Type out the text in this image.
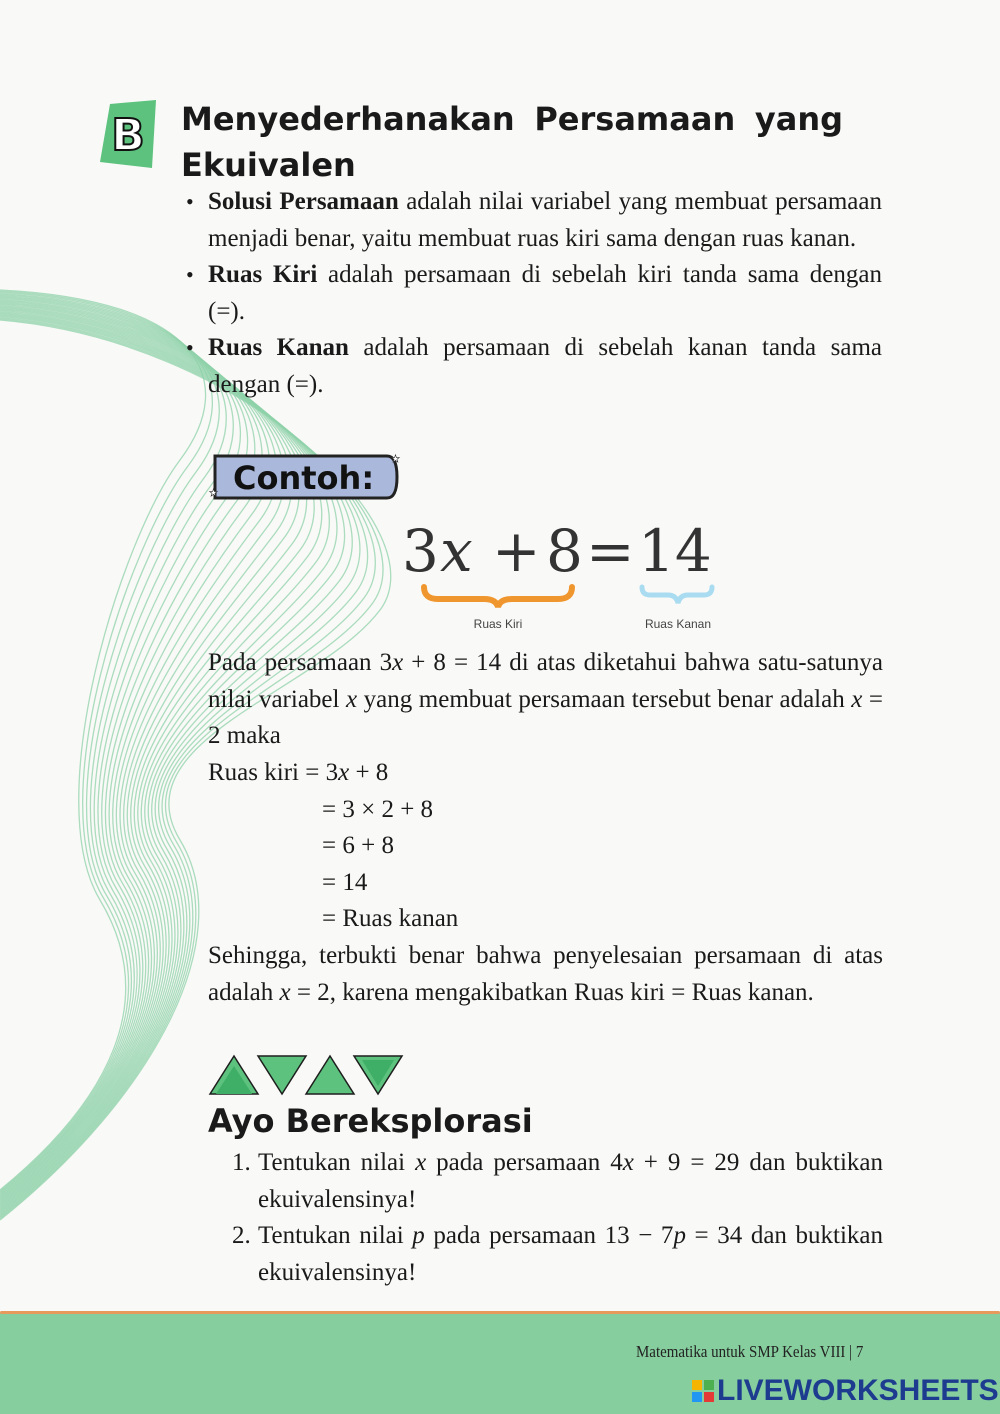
B Menyederhanakan Persamaan yang
Ekuivalen
• Solusi Persamaan adalah nilai variabel yang membuat persamaan menjadi benar, yaitu membuat ruas kiri sama dengan ruas kanan.
• Ruas Kiri adalah persamaan di sebelah kiri tanda sama dengan (=).
• Ruas Kanan adalah persamaan di sebelah kanan tanda sama dengan (=).
★
★ Contoh:
3 x + 8 = 14
Ruas Kiri	Ruas Kanan
Pada persamaan 3x + 8 = 14 di atas diketahui bahwa satu-satunya nilai variabel x yang membuat persamaan tersebut benar adalah x = 2 maka
Ruas kiri = 3x + 8
= 3 × 2 + 8
= 6 + 8
= 14
= Ruas kanan
Sehingga, terbukti benar bahwa penyelesaian persamaan di atas adalah x = 2, karena mengakibatkan Ruas kiri = Ruas kanan.
Ayo Bereksplorasi
1. Tentukan nilai x pada persamaan 4x + 9 = 29 dan buktikan ekuivalensinya!
2. Tentukan nilai p pada persamaan 13 − 7p = 34 dan buktikan ekuivalensinya!
Matematika untuk SMP Kelas VIII | 7
LIVEWORKSHEETS
